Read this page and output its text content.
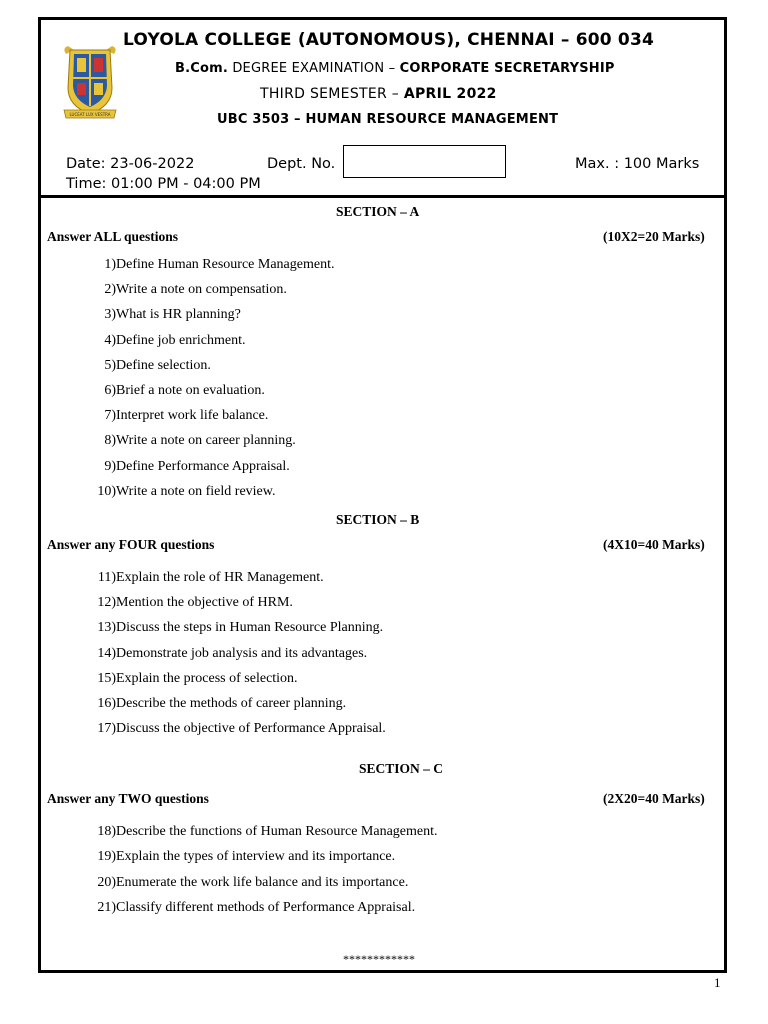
LUCEAT LUX VESTRA
LOYOLA COLLEGE (AUTONOMOUS), CHENNAI – 600 034
B.Com. DEGREE EXAMINATION – CORPORATE SECRETARYSHIP
THIRD SEMESTER – APRIL 2022
UBC 3503 – HUMAN RESOURCE MANAGEMENT
Date: 23-06-2022	Dept. No.	Max. : 100 Marks
Time: 01:00 PM - 04:00 PM
SECTION – A
Answer ALL questions	(10X2=20 Marks)
1)Define Human Resource Management.
2)Write a note on compensation.
3)What is HR planning?
4)Define job enrichment.
5)Define selection.
6)Brief a note on evaluation.
7)Interpret work life balance.
8)Write a note on career planning.
9)Define Performance Appraisal.
10)Write a note on field review.
SECTION – B
Answer any FOUR questions	(4X10=40 Marks)
11)Explain the role of HR Management.
12)Mention the objective of HRM.
13)Discuss the steps in Human Resource Planning.
14)Demonstrate job analysis and its advantages.
15)Explain the process of selection.
16)Describe the methods of career planning.
17)Discuss the objective of Performance Appraisal.
SECTION – C
Answer any TWO questions	(2X20=40 Marks)
18)Describe the functions of Human Resource Management.
19)Explain the types of interview and its importance.
20)Enumerate the work life balance and its importance.
21)Classify different methods of Performance Appraisal.
************
1
